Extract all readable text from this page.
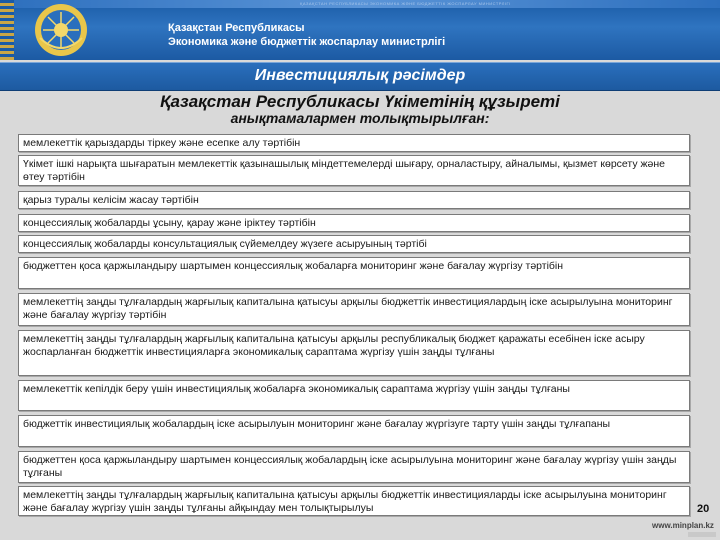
ҚАЗАҚСТАН РЕСПУБЛИКАСЫ ЭКОНОМИКА ЖӘНЕ БЮДЖЕТТІК ЖОСПАРЛАУ МИНИСТРЛІГІ
Қазақстан Республикасы
Экономика және бюджеттік жоспарлау министрлігі
Инвестициялық рәсімдер
Қазақстан Республикасы Үкіметінің құзыреті
анықтамалармен толықтырылған:
мемлекеттік қарыздарды тіркеу және есепке алу тәртібін
Үкімет ішкі нарықта шығаратын мемлекеттік қазынашылық міндеттемелерді шығару, орналастыру, айналымы, қызмет көрсету және өтеу тәртібін
қарыз туралы келісім жасау тәртібін
концессиялық жобаларды ұсыну, қарау және іріктеу тәртібін
концессиялық жобаларды консультациялық сүйемелдеу жүзеге асыруының тәртібі
бюджеттен қоса қаржыландыру шартымен концессиялық жобаларға мониторинг және бағалау жүргізу тәртібін
мемлекеттің заңды тұлғалардың жарғылық капиталына қатысуы арқылы бюджеттік инвестициялардың іске асырылуына мониторинг және бағалау жүргізу тәртібін
мемлекеттің заңды тұлғалардың жарғылық капиталына қатысуы арқылы республикалық бюджет қаражаты есебінен іске асыру жоспарланған бюджеттік инвестицияларға экономикалық сараптама жүргізу үшін заңды тұлғаны
мемлекеттік кепілдік беру үшін инвестициялық жобаларға экономикалық сараптама жүргізу үшін заңды тұлғаны
бюджеттік инвестициялық жобалардың іске асырылуын мониторинг және бағалау жүргізуге тарту үшін заңды тұлғапаны
бюджеттен қоса қаржыландыру шартымен концессиялық жобалардың іске асырылуына мониторинг және бағалау жүргізу үшін заңды тұлғаны
мемлекеттің заңды тұлғалардың жарғылық капиталына қатысуы арқылы бюджеттік инвестицияларды іске асырылуына мониторинг және бағалау жүргізу үшін заңды тұлғаны айқындау мен толықтырылуы	20
www.minplan.kz
